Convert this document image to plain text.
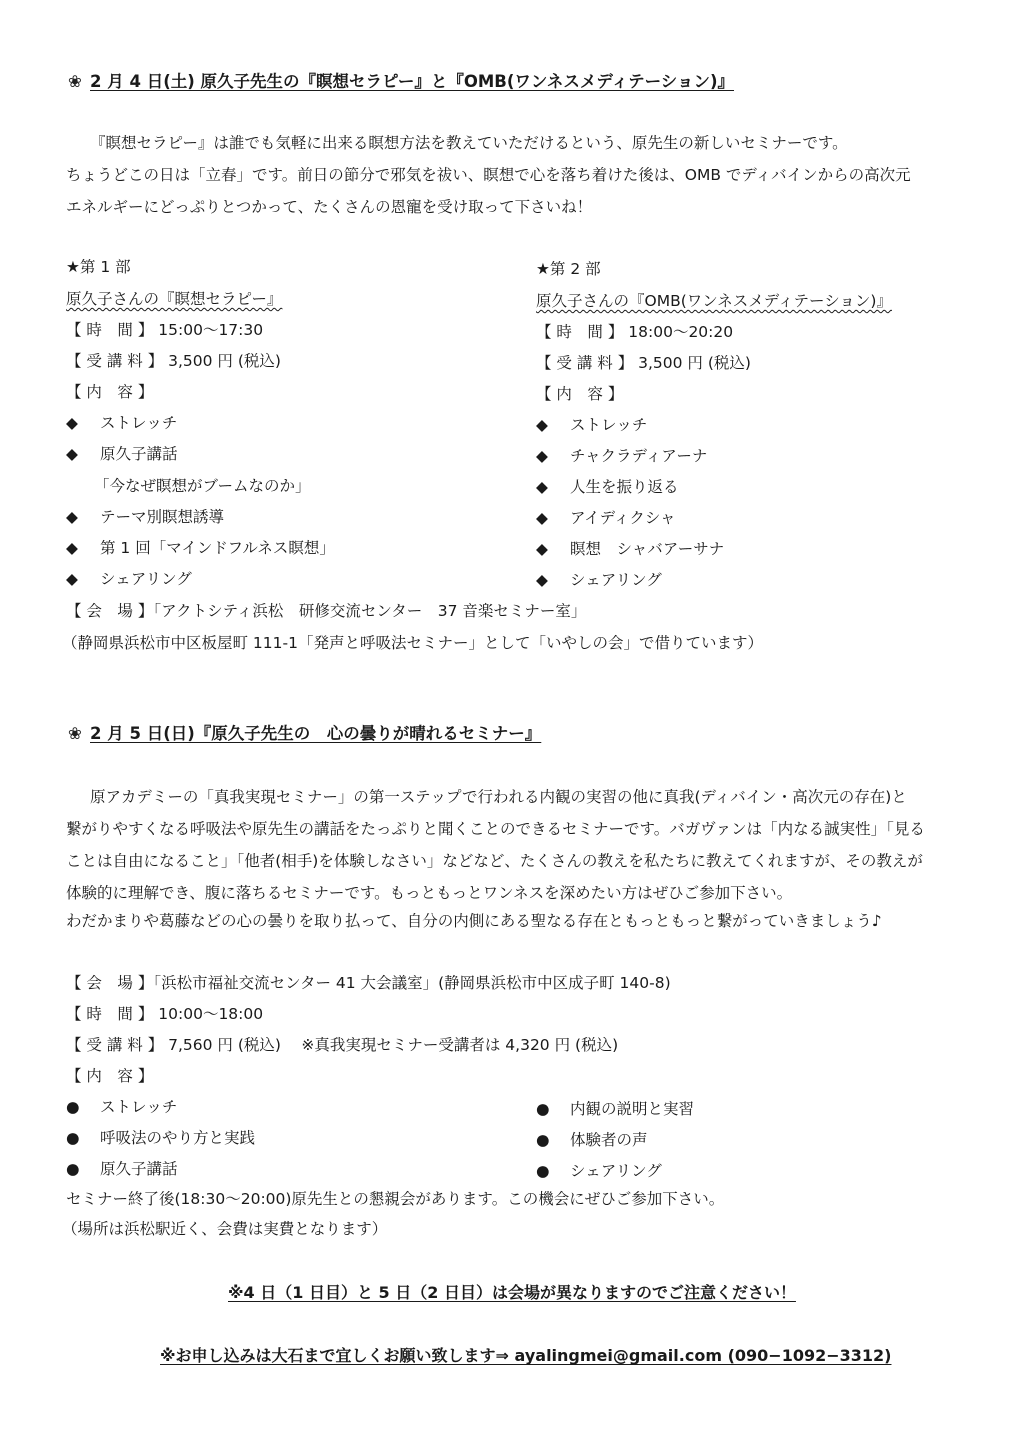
❀ 2 月 4 日(土) 原久子先生の『瞑想セラピー』と『OMB(ワンネスメディテーション)』
『瞑想セラピー』は誰でも気軽に出来る瞑想方法を教えていただけるという、原先生の新しいセミナーです。
ちょうどこの日は「立春」です。前日の節分で邪気を祓い、瞑想で心を落ち着けた後は、OMB でディバインからの高次元
エネルギーにどっぷりとつかって、たくさんの恩寵を受け取って下さいね！
★第 1 部
原久子さんの『瞑想セラピー』
【 時　間 】 15:00〜17:30
【 受 講 料 】 3,500 円 (税込)
【 内　容 】
◆ ストレッチ
◆ 原久子講話
「今なぜ瞑想がブームなのか」
◆ テーマ別瞑想誘導
◆ 第 1 回「マインドフルネス瞑想」
◆ シェアリング
★第 2 部
原久子さんの『OMB(ワンネスメディテーション)』
【 時　間 】 18:00〜20:20
【 受 講 料 】 3,500 円 (税込)
【 内　容 】
◆ ストレッチ
◆ チャクラディアーナ
◆ 人生を振り返る
◆ アイディクシャ
◆ 瞑想　シャバアーサナ
◆ シェアリング
【 会　場 】「アクトシティ浜松　研修交流センター　37 音楽セミナー室」
（静岡県浜松市中区板屋町 111-1「発声と呼吸法セミナー」として「いやしの会」で借りています）
❀ 2 月 5 日(日)『原久子先生の　心の曇りが晴れるセミナー』
原アカデミーの「真我実現セミナー」の第一ステップで行われる内観の実習の他に真我(ディバイン・高次元の存在)と
繋がりやすくなる呼吸法や原先生の講話をたっぷりと聞くことのできるセミナーです。バガヴァンは「内なる誠実性」「見る
ことは自由になること」「他者(相手)を体験しなさい」などなど、たくさんの教えを私たちに教えてくれますが、その教えが
体験的に理解でき、腹に落ちるセミナーです。もっともっとワンネスを深めたい方はぜひご参加下さい。
わだかまりや葛藤などの心の曇りを取り払って、自分の内側にある聖なる存在ともっともっと繋がっていきましょう♪
【 会　場 】「浜松市福祉交流センター 41 大会議室」(静岡県浜松市中区成子町 140-8)
【 時　間 】 10:00〜18:00
【 受 講 料 】 7,560 円 (税込)　 ※真我実現セミナー受講者は 4,320 円 (税込)
【 内　容 】
● ストレッチ
● 呼吸法のやり方と実践
● 原久子講話
● 内観の説明と実習
● 体験者の声
● シェアリング
セミナー終了後(18:30〜20:00)原先生との懇親会があります。この機会にぜひご参加下さい。
（場所は浜松駅近く、会費は実費となります）
※4 日（1 日目）と 5 日（2 日目）は会場が異なりますのでご注意ください！
※お申し込みは大石まで宜しくお願い致します⇒ ayalingmei@gmail.com (090−1092−3312)
